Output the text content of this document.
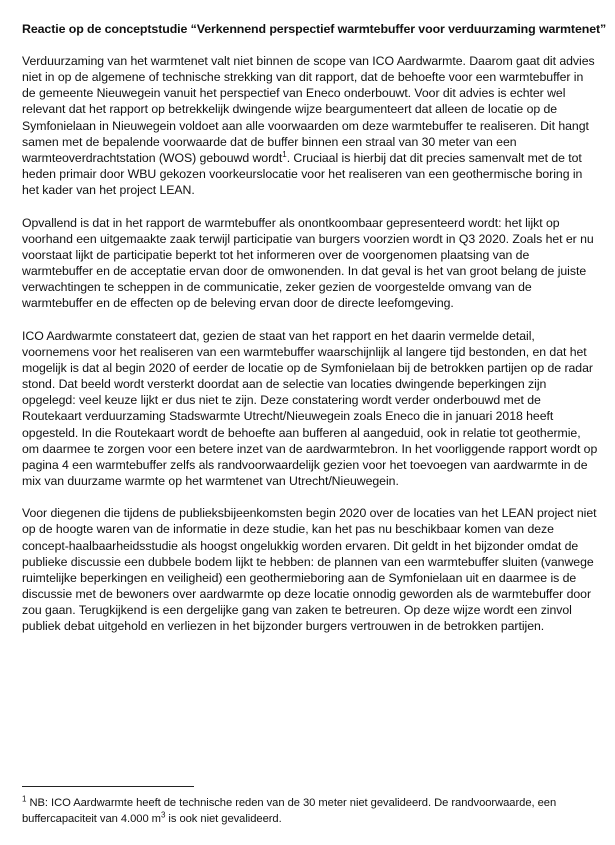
Reactie op de conceptstudie “Verkennend perspectief warmtebuffer voor verduurzaming warmtenet”

Verduurzaming van het warmtenet valt niet binnen de scope van ICO Aardwarmte. Daarom gaat dit advies niet in op de algemene of technische strekking van dit rapport, dat de behoefte voor een warmtebuffer in de gemeente Nieuwegein vanuit het perspectief van Eneco onderbouwt. Voor dit advies is echter wel relevant dat het rapport op betrekkelijk dwingende wijze beargumenteert dat alleen de locatie op de Symfonielaan in Nieuwegein voldoet aan alle voorwaarden om deze warmtebuffer te realiseren. Dit hangt samen met de bepalende voorwaarde dat de buffer binnen een straal van 30 meter van een warmteoverdrachtstation (WOS) gebouwd wordt$^1$. Cruciaal is hierbij dat dit precies samenvalt met de tot heden primair door WBU gekozen voorkeurslocatie voor het realiseren van een geothermische boring in het kader van het project LEAN.

Opvallend is dat in het rapport de warmtebuffer als onontkoombaar gepresenteerd wordt: het lijkt op voorhand een uitgemaakte zaak terwijl participatie van burgers voorzien wordt in Q3 2020. Zoals het er nu voorstaat lijkt de participatie beperkt tot het informeren over de voorgenomen plaatsing van de warmtebuffer en de acceptatie ervan door de omwonenden. In dat geval is het van groot belang de juiste verwachtingen te scheppen in de communicatie, zeker gezien de voorgestelde omvang van de warmtebuffer en de effecten op de beleving ervan door de directe leefomgeving.

ICO Aardwarmte constateert dat, gezien de staat van het rapport en het daarin vermelde detail, voornemens voor het realiseren van een warmtebuffer waarschijnlijk al langere tijd bestonden, en dat het mogelijk is dat al begin 2020 of eerder de locatie op de Symfonielaan bij de betrokken partijen op de radar stond. Dat beeld wordt versterkt doordat aan de selectie van locaties dwingende beperkingen zijn opgelegd: veel keuze lijkt er dus niet te zijn. Deze constatering wordt verder onderbouwd met de Routekaart verduurzaming Stadswarmte Utrecht/Nieuwegein zoals Eneco die in januari 2018 heeft opgesteld. In die Routekaart wordt de behoefte aan bufferen al aangeduid, ook in relatie tot geothermie, om daarmee te zorgen voor een betere inzet van de aardwarmtebron. In het voorliggende rapport wordt op pagina 4 een warmtebuffer zelfs als randvoorwaardelijk gezien voor het toevoegen van aardwarmte in de mix van duurzame warmte op het warmtenet van Utrecht/Nieuwegein.

Voor diegenen die tijdens de publieksbijeenkomsten begin 2020 over de locaties van het LEAN project niet op de hoogte waren van de informatie in deze studie, kan het pas nu beschikbaar komen van deze concept-haalbaarheidsstudie als hoogst ongelukkig worden ervaren. Dit geldt in het bijzonder omdat de publieke discussie een dubbele bodem lijkt te hebben: de plannen van een warmtebuffer sluiten (vanwege ruimtelijke beperkingen en veiligheid) een geothermieboring aan de Symfonielaan uit en daarmee is de discussie met de bewoners over aardwarmte op deze locatie onnodig geworden als de warmtebuffer door zou gaan. Terugkijkend is een dergelijke gang van zaken te betreuren. Op deze wijze wordt een zinvol publiek debat uitgehold en verliezen in het bijzonder burgers vertrouwen in de betrokken partijen.

$^1$ NB: ICO Aardwarmte heeft de technische reden van de 30 meter niet gevalideerd. De randvoorwaarde, een buffercapaciteit van 4.000 $m^3$ is ook niet gevalideerd.
